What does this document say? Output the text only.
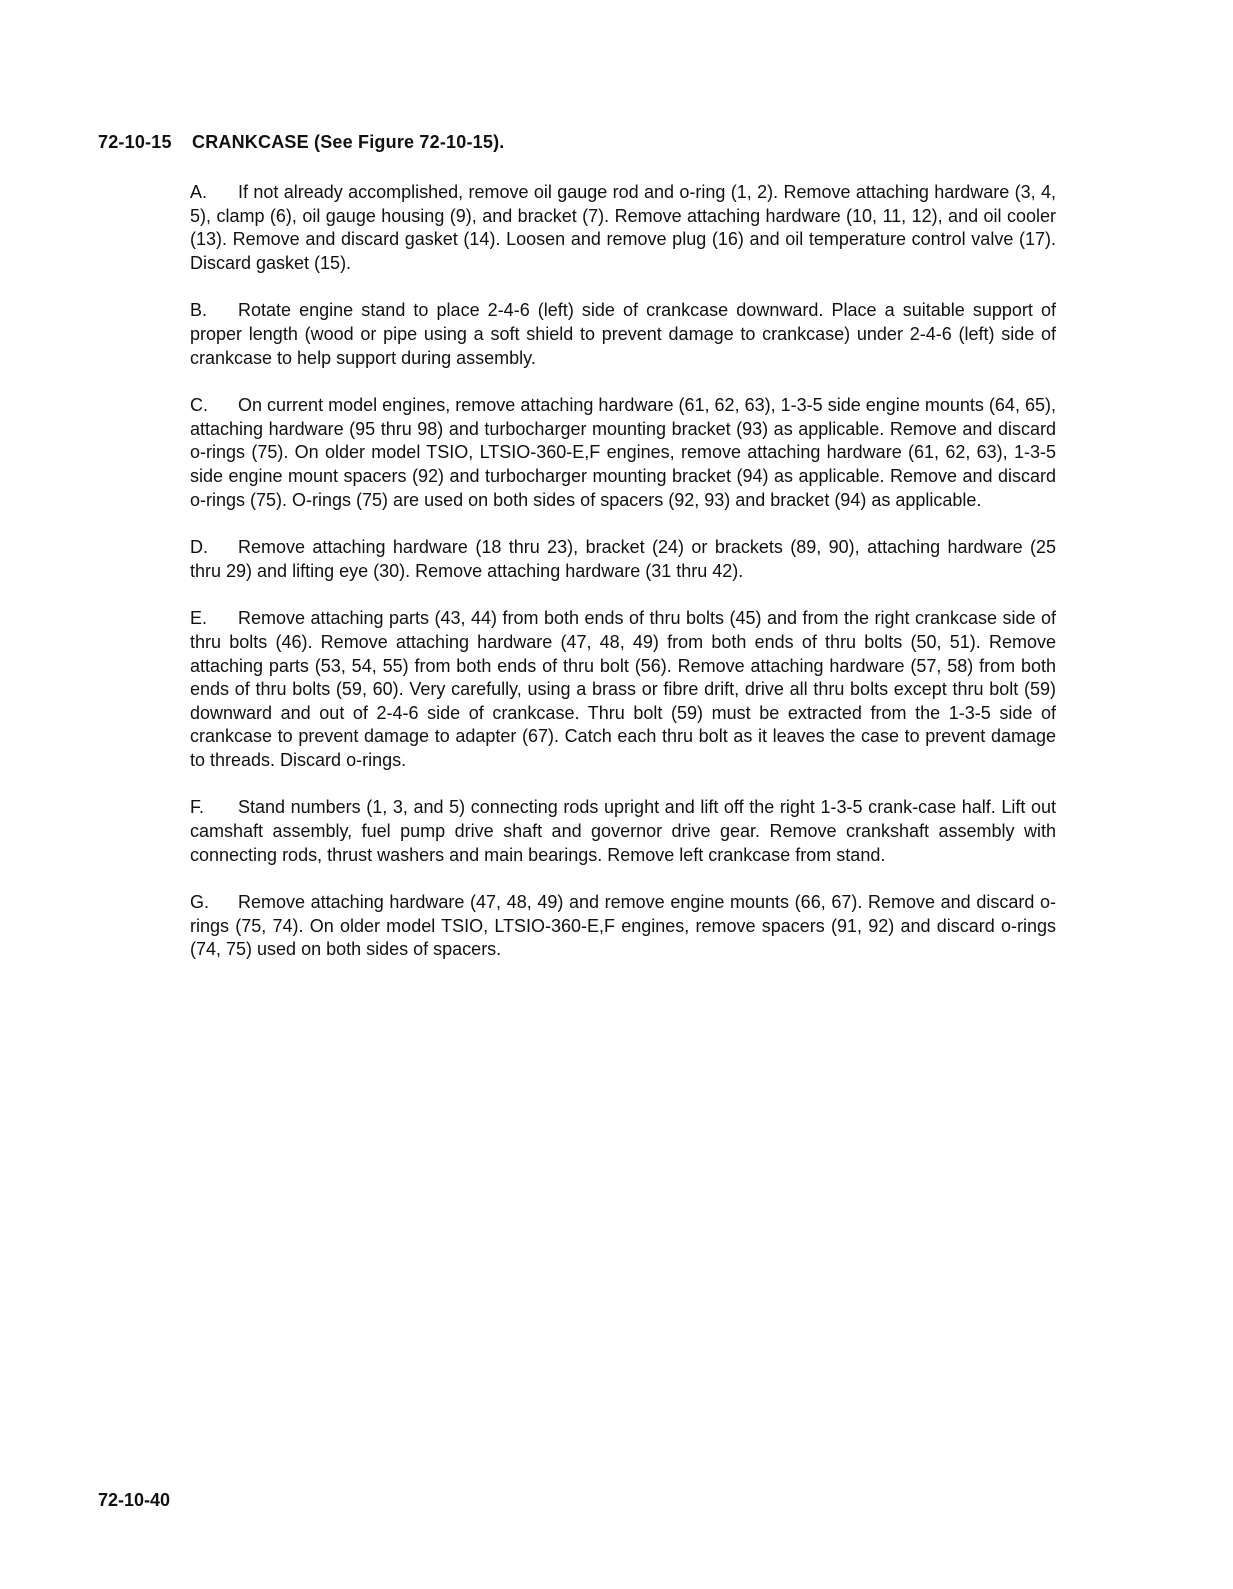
72-10-15 CRANKCASE (See Figure 72-10-15).

A. If not already accomplished, remove oil gauge rod and o-ring (1, 2). Remove attaching hardware (3, 4, 5), clamp (6), oil gauge housing (9), and bracket (7). Remove attaching hardware (10, 11, 12), and oil cooler (13). Remove and discard gasket (14). Loosen and remove plug (16) and oil temperature control valve (17). Discard gasket (15).

B. Rotate engine stand to place 2-4-6 (left) side of crankcase downward. Place a suitable support of proper length (wood or pipe using a soft shield to prevent damage to crankcase) under 2-4-6 (left) side of crankcase to help support during assembly.

C. On current model engines, remove attaching hardware (61, 62, 63), 1-3-5 side engine mounts (64, 65), attaching hardware (95 thru 98) and turbocharger mounting bracket (93) as applicable. Remove and discard o-rings (75). On older model TSIO, LTSIO-360-E,F engines, remove attaching hardware (61, 62, 63), 1-3-5 side engine mount spacers (92) and turbocharger mounting bracket (94) as applicable. Remove and discard o-rings (75). O-rings (75) are used on both sides of spacers (92, 93) and bracket (94) as applicable.

D. Remove attaching hardware (18 thru 23), bracket (24) or brackets (89, 90), attaching hardware (25 thru 29) and lifting eye (30). Remove attaching hardware (31 thru 42).

E. Remove attaching parts (43, 44) from both ends of thru bolts (45) and from the right crankcase side of thru bolts (46). Remove attaching hardware (47, 48, 49) from both ends of thru bolts (50, 51). Remove attaching parts (53, 54, 55) from both ends of thru bolt (56). Remove attaching hardware (57, 58) from both ends of thru bolts (59, 60). Very carefully, using a brass or fibre drift, drive all thru bolts except thru bolt (59) downward and out of 2-4-6 side of crankcase. Thru bolt (59) must be extracted from the 1-3-5 side of crankcase to prevent damage to adapter (67). Catch each thru bolt as it leaves the case to prevent damage to threads. Discard o-rings.

F. Stand numbers (1, 3, and 5) connecting rods upright and lift off the right 1-3-5 crank-case half. Lift out camshaft assembly, fuel pump drive shaft and governor drive gear. Remove crankshaft assembly with connecting rods, thrust washers and main bearings. Remove left crankcase from stand.

G. Remove attaching hardware (47, 48, 49) and remove engine mounts (66, 67). Remove and discard o-rings (75, 74). On older model TSIO, LTSIO-360-E,F engines, remove spacers (91, 92) and discard o-rings (74, 75) used on both sides of spacers.

72-10-40
